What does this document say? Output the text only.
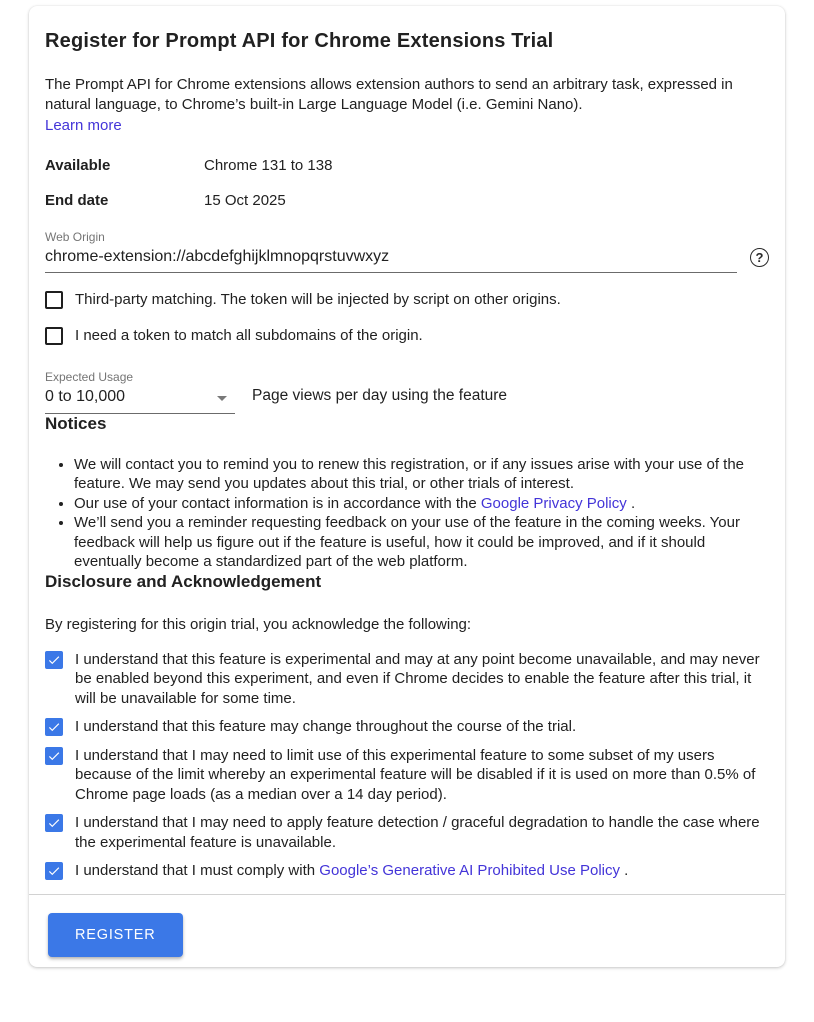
Register for Prompt API for Chrome Extensions Trial

The Prompt API for Chrome extensions allows extension authors to send an arbitrary task, expressed in natural language, to Chrome’s built-in Large Language Model (i.e. Gemini Nano).

Learn more
Available	Chrome 131 to 138
End date	15 Oct 2025
Web Origin
chrome-extension://abcdefghijklmnopqrstuvwxyz
?
Third-party matching. The token will be injected by script on other origins.
I need a token to match all subdomains of the origin.
Expected Usage
0 to 10,000	Page views per day using the feature
Notices
• We will contact you to remind you to renew this registration, or if any issues arise with your use of the feature. We may send you updates about this trial, or other trials of interest.
• Our use of your contact information is in accordance with the Google Privacy Policy .
• We’ll send you a reminder requesting feedback on your use of the feature in the coming weeks. Your feedback will help us figure out if the feature is useful, how it could be improved, and if it should eventually become a standardized part of the web platform.
Disclosure and Acknowledgement

By registering for this origin trial, you acknowledge the following:

I understand that this feature is experimental and may at any point become unavailable, and may never be enabled beyond this experiment, and even if Chrome decides to enable the feature after this trial, it will be unavailable for some time.
I understand that this feature may change throughout the course of the trial.
I understand that I may need to limit use of this experimental feature to some subset of my users because of the limit whereby an experimental feature will be disabled if it is used on more than 0.5% of Chrome page loads (as a median over a 14 day period).
I understand that I may need to apply feature detection / graceful degradation to handle the case where the experimental feature is unavailable.
I understand that I must comply with Google’s Generative AI Prohibited Use Policy .
REGISTER
